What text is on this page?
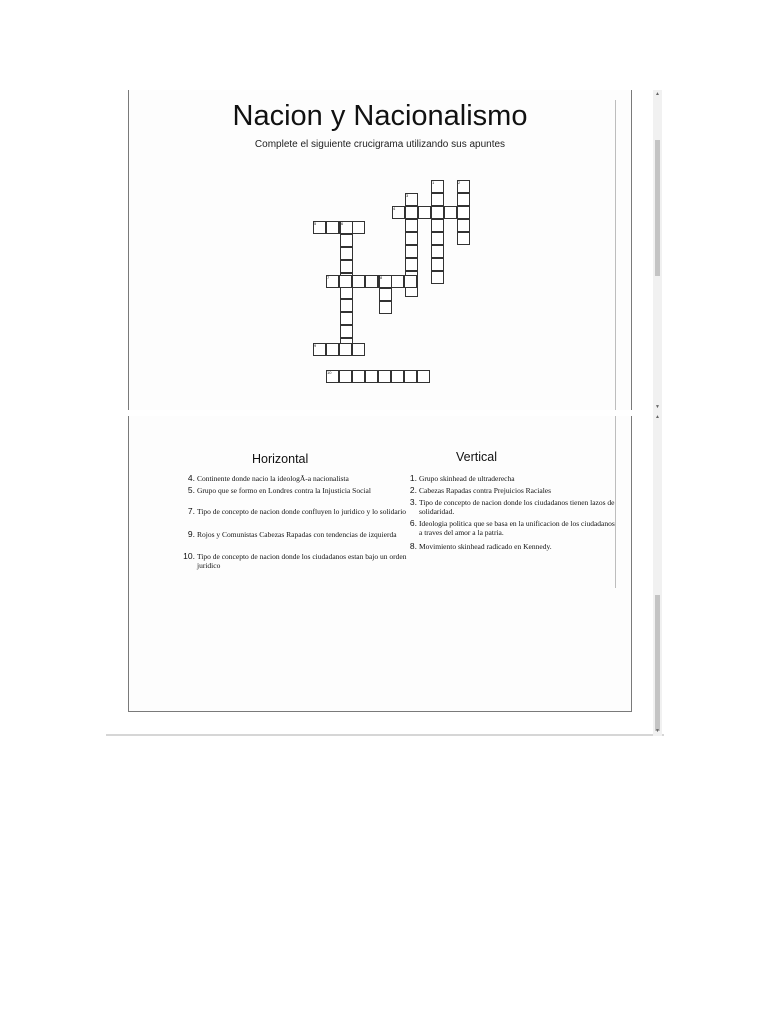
▲
▼
▲
▼
Nacion y Nacionalismo
Complete el siguiente crucigrama utilizando sus apuntes
1	2
3
4
5	6
7	8
9
10
Horizontal	Vertical
4. Continente donde nacio la ideologÃ-a nacionalista
5. Grupo que se formo en Londres contra la Injusticia Social
7. Tipo de concepto de nacion donde confluyen lo juridico y lo solidario
9. Rojos y Comunistas Cabezas Rapadas con tendencias de izquierda
10. Tipo de concepto de nacion donde los ciudadanos estan bajo un orden juridico
1. Grupo skinhead de ultraderecha
2. Cabezas Rapadas contra Prejuicios Raciales
3. Tipo de concepto de nacion donde los ciudadanos tienen lazos de solidaridad.
6. Ideologia politica que se basa en la unificacion de los ciudadanos a traves del amor a la patria.
8. Movimiento skinhead radicado en Kennedy.
